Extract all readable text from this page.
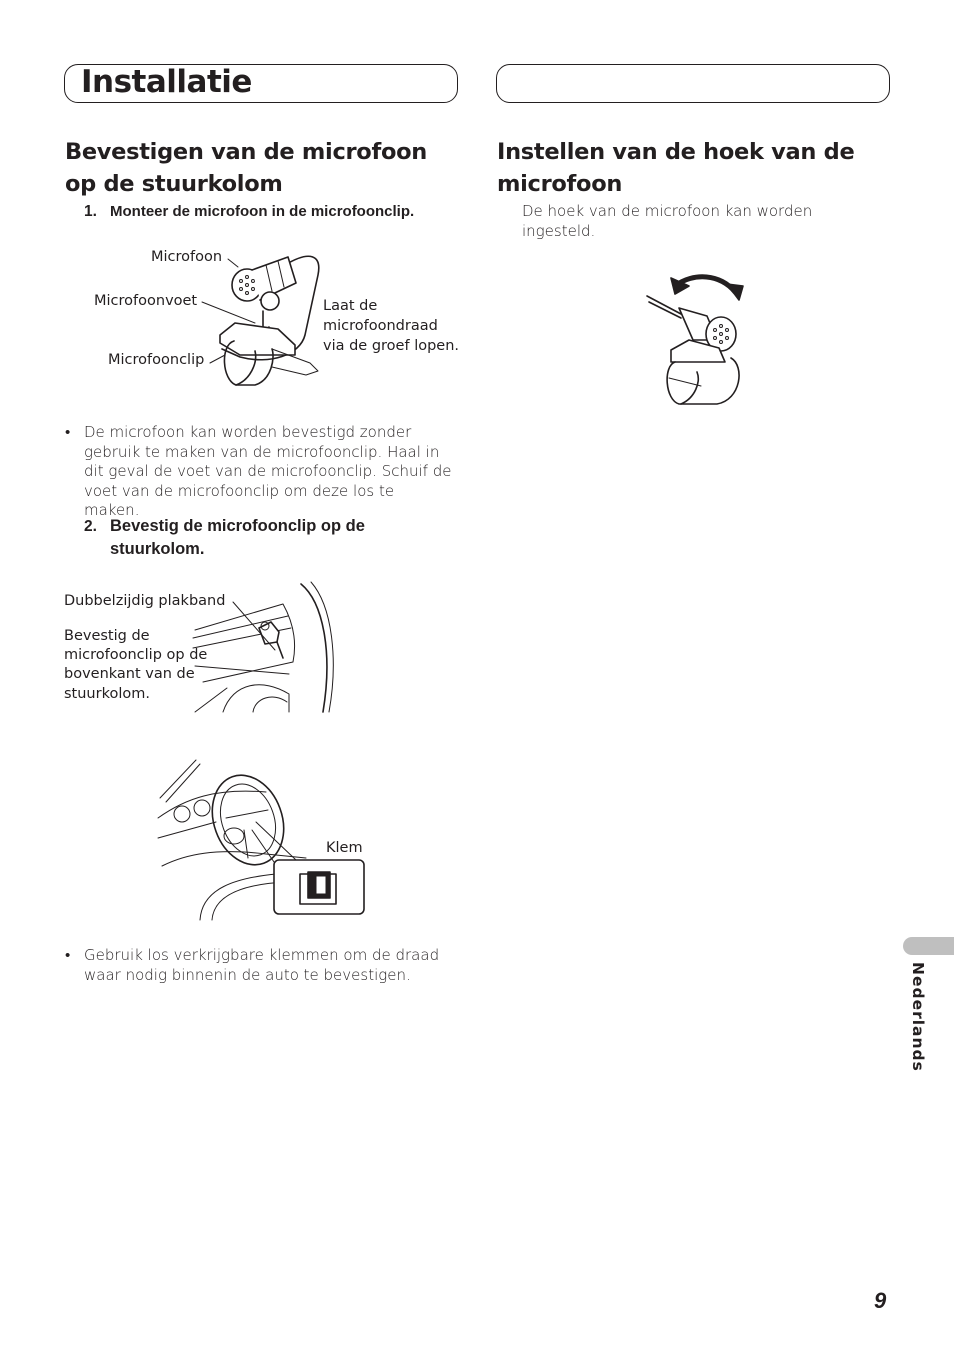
Installatie
Bevestigen van de microfoon op de stuurkolom
1. Monteer de microfoon in de microfoonclip.
Microfoon
Microfoonvoet
Microfoonclip
Laat de
microfoondraad
via de groef lopen.
• De microfoon kan worden bevestigd zonder gebruik te maken van de microfoonclip. Haal in dit geval de voet van de microfoonclip. Schuif de voet van de microfoonclip om deze los te maken.
2. Bevestig de microfoonclip op de stuurkolom.
Dubbelzijdig plakband
Bevestig de
microfoonclip op de
bovenkant van de
stuurkolom.
Klem
• Gebruik los verkrijgbare klemmen om de draad waar nodig binnenin de auto te bevestigen.
Instellen van de hoek van de microfoon
De hoek van de microfoon kan worden ingesteld.
Nederlands
9
